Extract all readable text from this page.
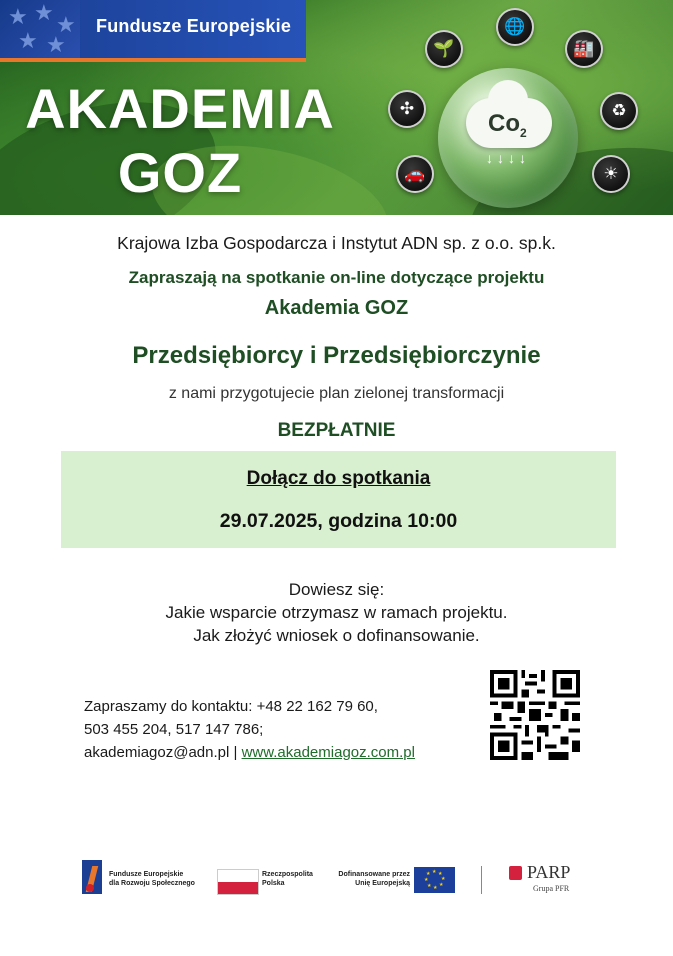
★ ★ ★
★ ★
Fundusze Europejskie
AKADEMIA
GOZ
$Co_2$
↓↓↓↓
🌐
🌱	🏭
✣	♻
🚗	☀
Krajowa Izba Gospodarcza i Instytut ADN sp. z o.o. sp.k.
Zapraszają na spotkanie on-line dotyczące projektu
Akademia GOZ
Przedsiębiorcy i Przedsiębiorczynie
z nami przygotujecie plan zielonej transformacji
BEZPŁATNIE
Dołącz do spotkania
29.07.2025, godzina 10:00
Dowiesz się:
Jakie wsparcie otrzymasz w ramach projektu.
Jak złożyć wniosek o dofinansowanie.
Zapraszamy do kontaktu: +48 22 162 79 60,
503 455 204, 517 147 786;
akademiagoz@adn.pl | www.akademiagoz.com.pl
Fundusze Europejskie
dla Rozwoju Społecznego
Rzeczpospolita
Polska
Dofinansowane przez
Unię Europejską
★ ★
★
★
★
★
★
★	PARP
Grupa PFR
